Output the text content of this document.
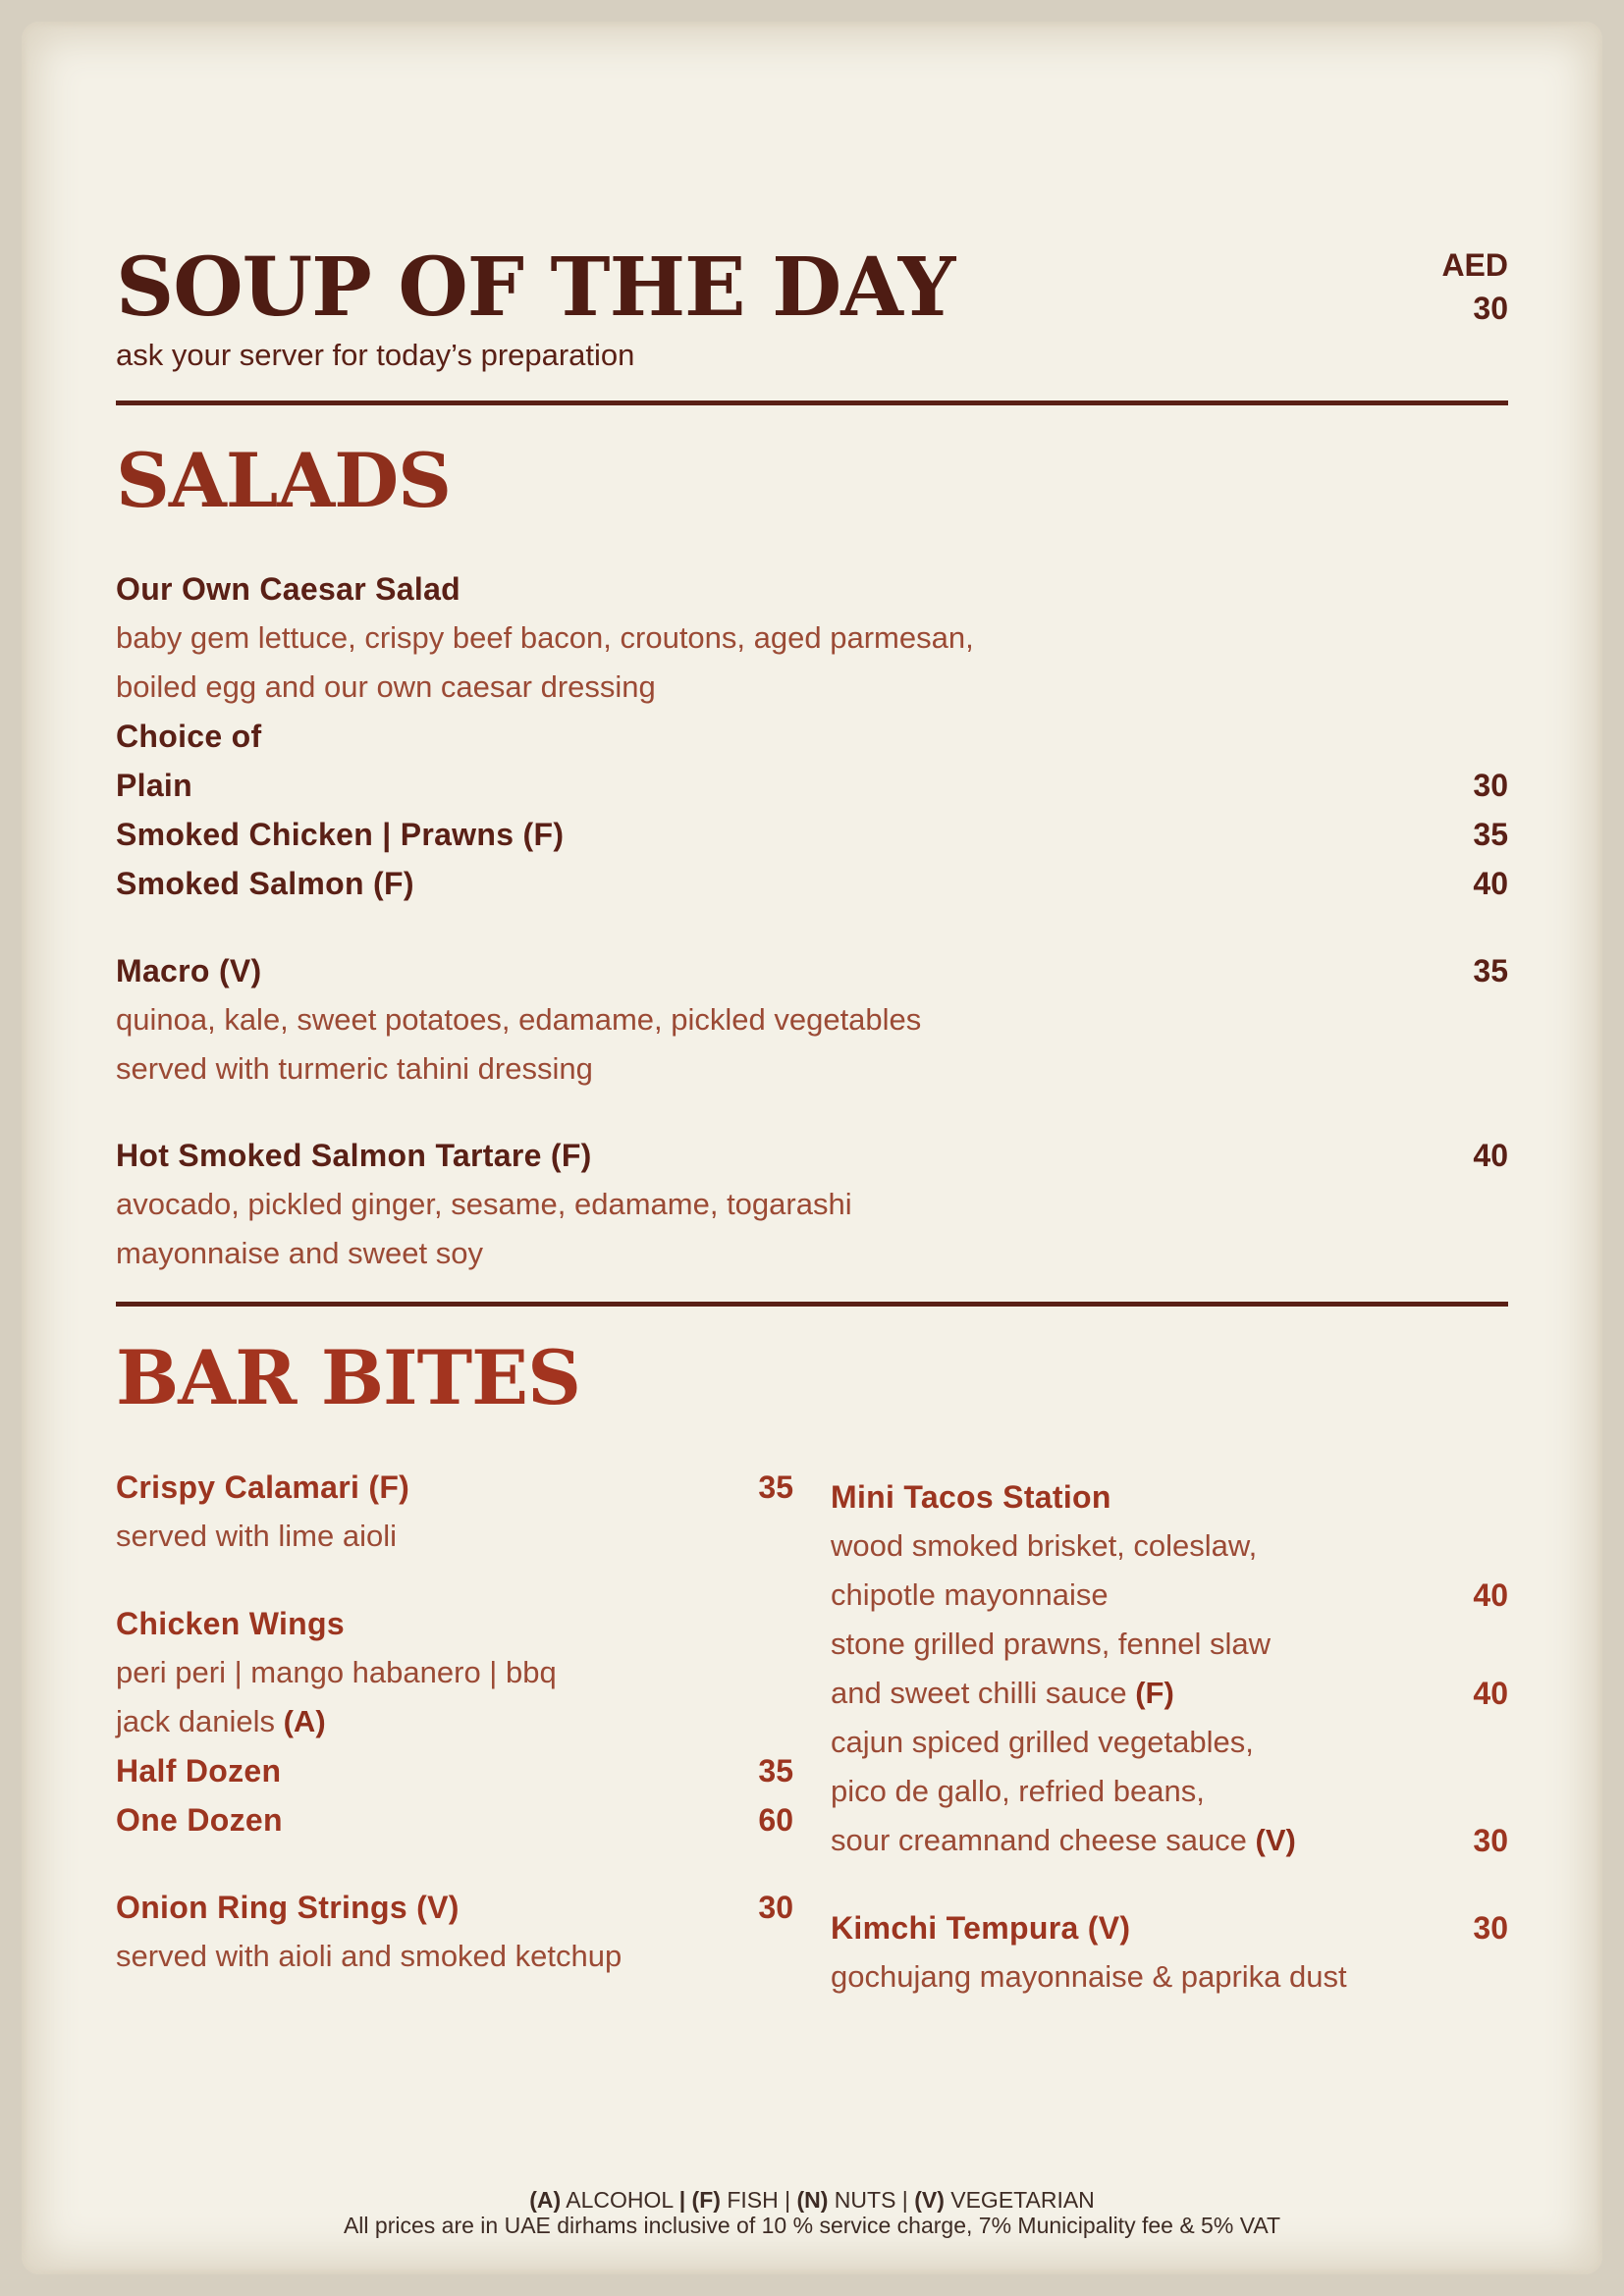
SOUP OF THE DAY
ask your server for today’s preparation
AED
30
SALADS
Our Own Caesar Salad
baby gem lettuce, crispy beef bacon, croutons, aged parmesan,
boiled egg and our own caesar dressing
Choice of
Plain	30
Smoked Chicken | Prawns (F)	35
Smoked Salmon (F)	40
Macro (V)	35
quinoa, kale, sweet potatoes, edamame, pickled vegetables
served with turmeric tahini dressing
Hot Smoked Salmon Tartare (F)	40
avocado, pickled ginger, sesame, edamame, togarashi
mayonnaise and sweet soy
BAR BITES
Crispy Calamari (F)	35
served with lime aioli
Chicken Wings
peri peri | mango habanero | bbq
jack daniels (A)
Half Dozen	35
One Dozen	60
Onion Ring Strings (V)	30
served with aioli and smoked ketchup
Mini Tacos Station
wood smoked brisket, coleslaw,
chipotle mayonnaise	40
stone grilled prawns, fennel slaw
and sweet chilli sauce (F)	40
cajun spiced grilled vegetables,
pico de gallo, refried beans,
sour creamnand cheese sauce (V)	30
Kimchi Tempura (V)	30
gochujang mayonnaise & paprika dust
(A) ALCOHOL | (F) FISH | (N) NUTS | (V) VEGETARIAN
All prices are in UAE dirhams inclusive of 10 % service charge, 7% Municipality fee & 5% VAT
